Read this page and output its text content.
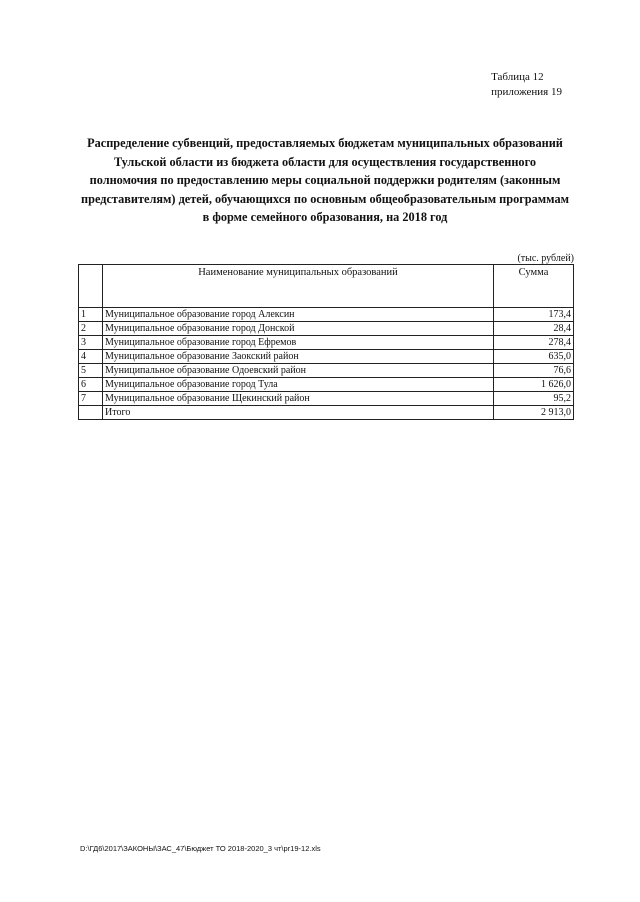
Таблица 12
приложения 19
Распределение субвенций, предоставляемых бюджетам муниципальных образований Тульской области из бюджета области для осуществления государственного полномочия по предоставлению меры социальной поддержки родителям (законным представителям) детей, обучающихся по основным общеобразовательным программам в форме семейного образования, на 2018 год
(тыс. рублей)
	Наименование муниципальных образований	Сумма
1	Муниципальное образование город Алексин	173,4
2	Муниципальное образование город Донской	28,4
3	Муниципальное образование город Ефремов	278,4
4	Муниципальное образование Заокский район	635,0
5	Муниципальное образование Одоевский район	76,6
6	Муниципальное образование город Тула	1 626,0
7	Муниципальное образование Щекинский район	95,2
	Итого	2 913,0
D:\ГД6\2017\ЗАКОНЫ\ЗАС_47\Бюджет ТО 2018-2020_3 чт\pr19-12.xls
